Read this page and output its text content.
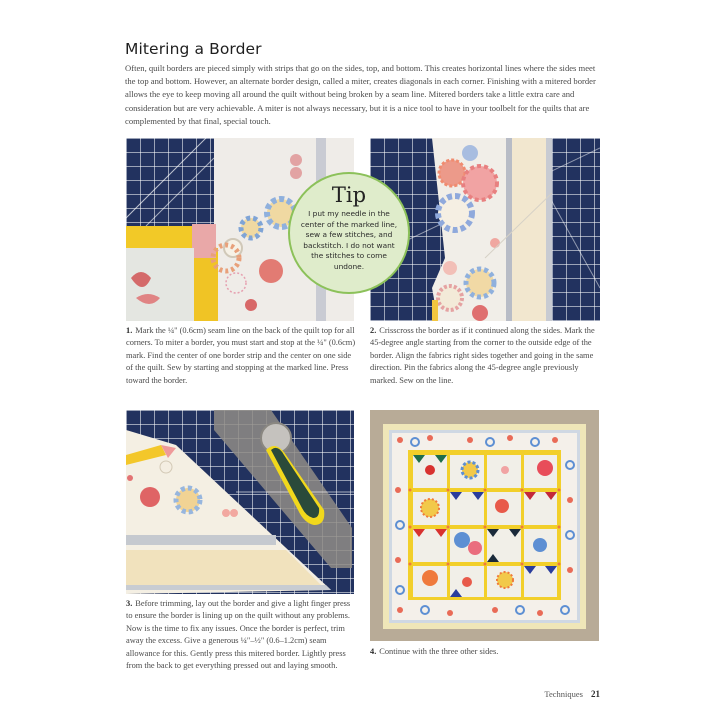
Mitering a Border

Often, quilt borders are pieced simply with strips that go on the sides, top, and bottom. This creates horizontal lines where the sides meet the top and bottom. However, an alternate border design, called a miter, creates diagonals in each corner. Finishing with a mitered border allows the eye to keep moving all around the quilt without being broken by a seam line. Mitered borders take a little extra care and consideration but are very achievable. A miter is not always necessary, but it is a nice tool to have in your toolbelt for the quilts that are complemented by that final, special touch.

Tip
I put my needle in the center of the marked line, sew a few stitches, and backstitch. I do not want the stitches to come undone.

1. Mark the ¼" (0.6cm) seam line on the back of the quilt top for all corners. To miter a border, you must start and stop at the ¼" (0.6cm) mark. Find the center of one border strip and the center on one side of the quilt. Sew by starting and stopping at the marked line. Press toward the border.

2. Crisscross the border as if it continued along the sides. Mark the 45-degree angle starting from the corner to the outside edge of the border. Align the fabrics right sides together and going in the same direction. Pin the fabrics along the 45-degree angle previously marked. Sew on the line.

3. Before trimming, lay out the border and give a light finger press to ensure the border is lining up on the quilt without any problems. Now is the time to fix any issues. Once the border is perfect, trim away the excess. Give a generous ¼"–½" (0.6–1.2cm) seam allowance for this. Gently press this mitered border. Lightly press from the back to get everything pressed out and laying smooth.

4. Continue with the three other sides.

Techniques 21
